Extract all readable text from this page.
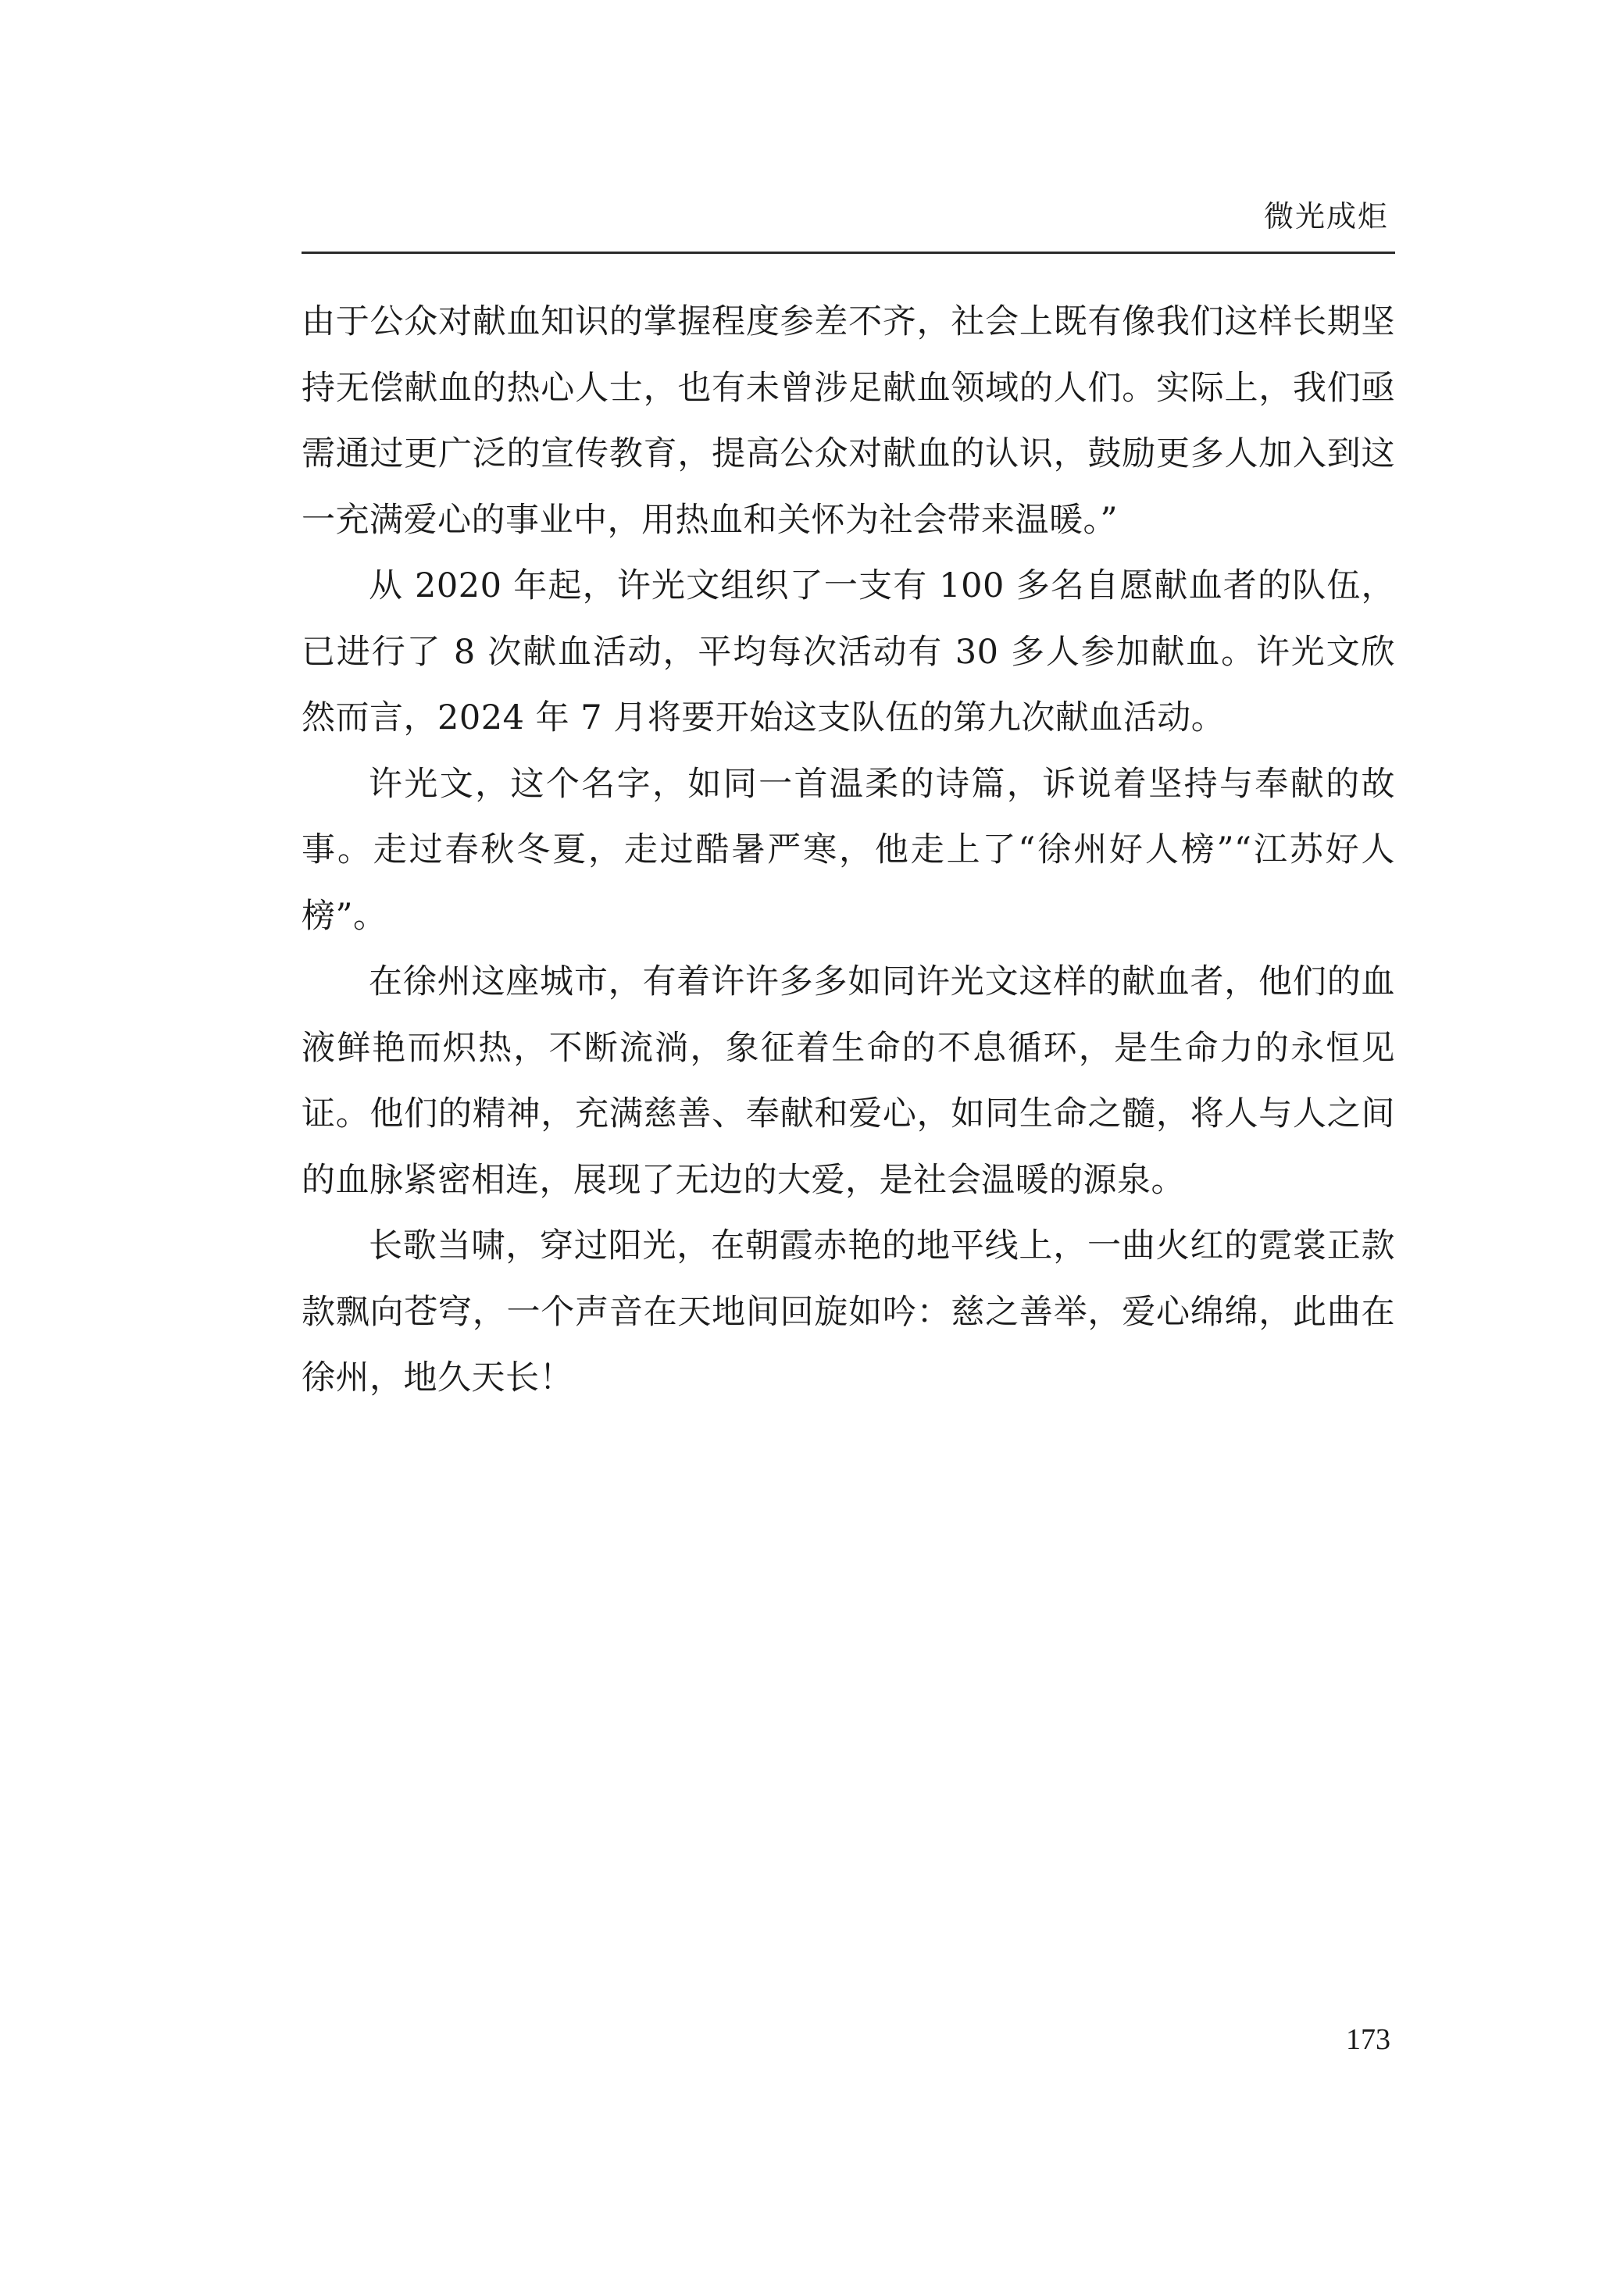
微光成炬

由于公众对献血知识的掌握程度参差不齐，社会上既有像我们这样长期坚持无偿献血的热心人士，也有未曾涉足献血领域的人们。实际上，我们亟需通过更广泛的宣传教育，提高公众对献血的认识，鼓励更多人加入到这一充满爱心的事业中，用热血和关怀为社会带来温暖。”

从 2020 年起，许光文组织了一支有 100 多名自愿献血者的队伍，已进行了 8 次献血活动，平均每次活动有 30 多人参加献血。许光文欣然而言，2024 年 7 月将要开始这支队伍的第九次献血活动。

许光文，这个名字，如同一首温柔的诗篇，诉说着坚持与奉献的故事。走过春秋冬夏，走过酷暑严寒，他走上了“徐州好人榜”“江苏好人榜”。

在徐州这座城市，有着许许多多如同许光文这样的献血者，他们的血液鲜艳而炽热，不断流淌，象征着生命的不息循环，是生命力的永恒见证。他们的精神，充满慈善、奉献和爱心，如同生命之髓，将人与人之间的血脉紧密相连，展现了无边的大爱，是社会温暖的源泉。

长歌当啸，穿过阳光，在朝霞赤艳的地平线上，一曲火红的霓裳正款款飘向苍穹，一个声音在天地间回旋如吟：慈之善举，爱心绵绵，此曲在徐州，地久天长！

173
